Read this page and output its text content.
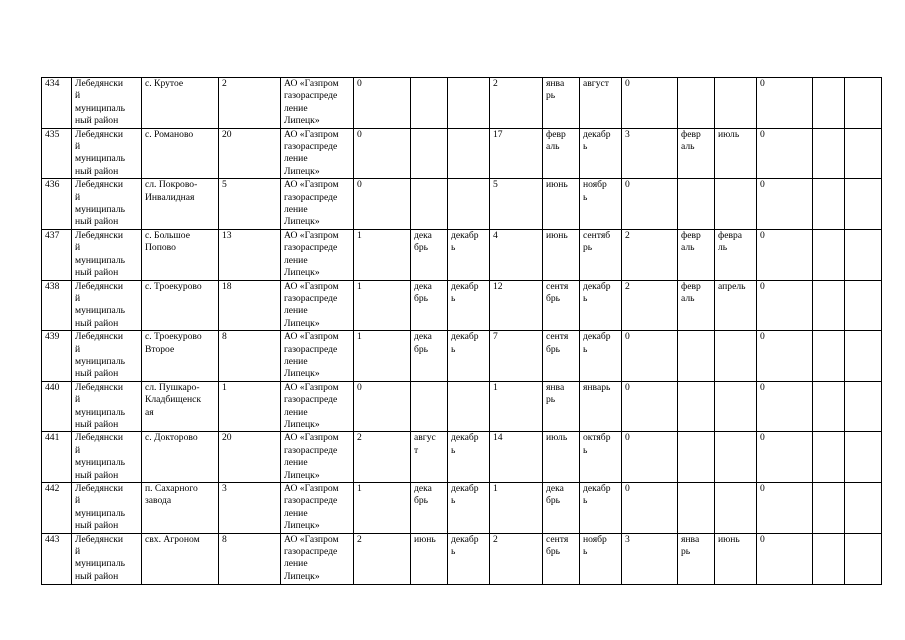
434	Лебедянски
й
муниципаль
ный район	с. Крутое	2	АО «Газпром
газораспреде
ление
Липецк»	0			2	янва
рь	август	0			0		
435	Лебедянски
й
муниципаль
ный район	с. Романово	20	АО «Газпром
газораспреде
ление
Липецк»	0			17	февр
аль	декабр
ь	3	февр
аль	июль	0		
436	Лебедянски
й
муниципаль
ный район	сл. Покрово-
Инвалидная	5	АО «Газпром
газораспреде
ление
Липецк»	0			5	июнь	ноябр
ь	0			0		
437	Лебедянски
й
муниципаль
ный район	с. Большое
Попово	13	АО «Газпром
газораспреде
ление
Липецк»	1	дека
брь	декабр
ь	4	июнь	сентяб
рь	2	февр
аль	февра
ль	0		
438	Лебедянски
й
муниципаль
ный район	с. Троекурово	18	АО «Газпром
газораспреде
ление
Липецк»	1	дека
брь	декабр
ь	12	сентя
брь	декабр
ь	2	февр
аль	апрель	0		
439	Лебедянски
й
муниципаль
ный район	с. Троекурово
Второе	8	АО «Газпром
газораспреде
ление
Липецк»	1	дека
брь	декабр
ь	7	сентя
брь	декабр
ь	0			0		
440	Лебедянски
й
муниципаль
ный район	сл. Пушкаро-
Кладбищенск
ая	1	АО «Газпром
газораспреде
ление
Липецк»	0			1	янва
рь	январь	0			0		
441	Лебедянски
й
муниципаль
ный район	с. Докторово	20	АО «Газпром
газораспреде
ление
Липецк»	2	авгус
т	декабр
ь	14	июль	октябр
ь	0			0		
442	Лебедянски
й
муниципаль
ный район	п. Сахарного
завода	3	АО «Газпром
газораспреде
ление
Липецк»	1	дека
брь	декабр
ь	1	дека
брь	декабр
ь	0			0		
443	Лебедянски
й
муниципаль
ный район	свх. Агроном	8	АО «Газпром
газораспреде
ление
Липецк»	2	июнь	декабр
ь	2	сентя
брь	ноябр
ь	3	янва
рь	июнь	0		
